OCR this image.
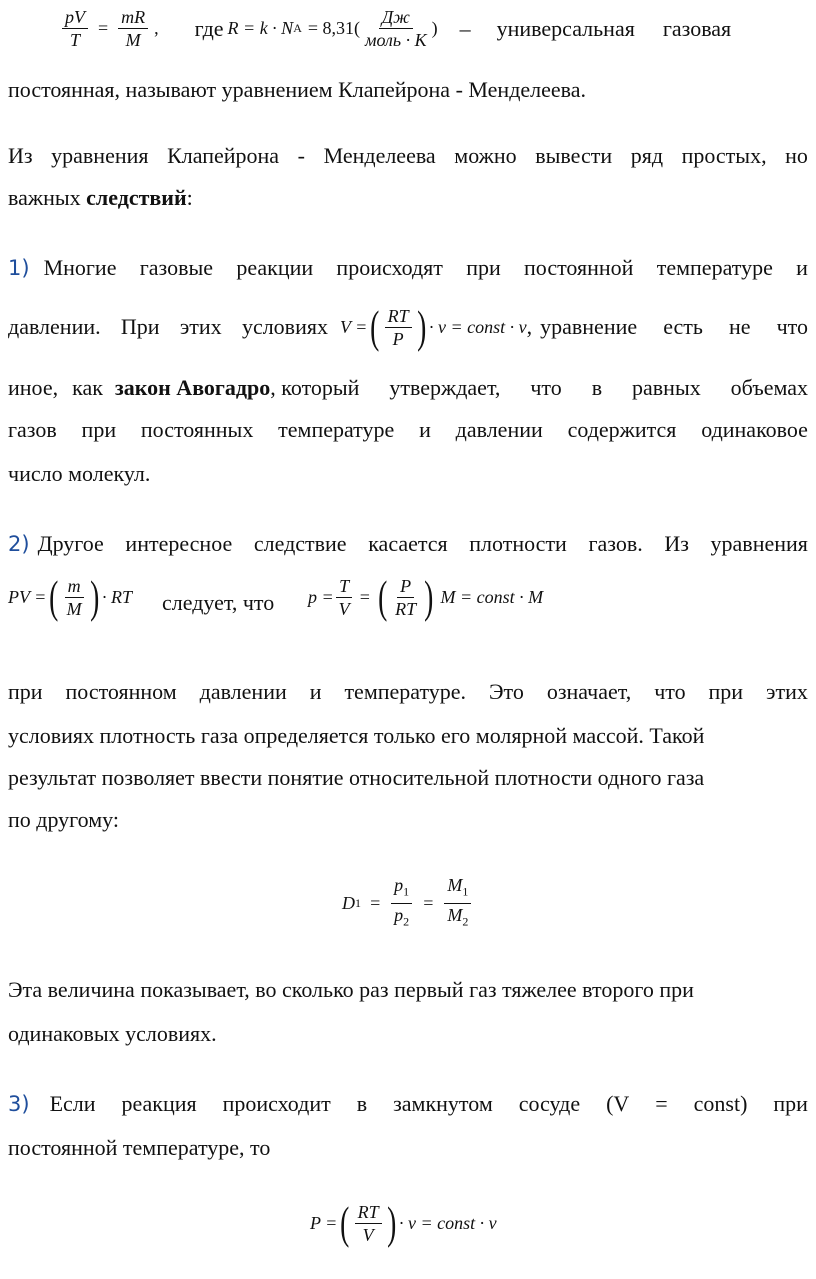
$\frac{pV}{T} = \frac{mR}{M}$ , где R = k · N $A = 8,31( \frac{Дж}{\text{моль · K}}$ ) – универсальная газовая
постоянная, называют уравнением Клапейрона - Менделеева.
Из уравнения Клапейрона - Менделеева можно вывести ряд простых, но
важных следствий:
1) Многие газовые реакции происходят при постоянной температуре и
давлении. При этих условиях V = ( $\frac{RT}{P}$ ) · v = const · v , уравнение есть не что
иное, как закон Авогадро , который утверждает, что в равных объемах
газов при постоянных температуре и давлении содержится одинаковое
число молекул.
2) Другое интересное следствие касается плотности газов. Из уравнения
PV = ( $\frac{m}{M}$ ) · RT следует, что $p = \frac{T}{V}$ = ( $\frac{P}{RT}$ ) M = const · M
при постоянном давлении и температуре. Это означает, что при этих
условиях плотность газа определяется только его молярной массой. Такой
результат позволяет ввести понятие относительной плотности одного газа
по другому:
D $1 = \frac{p_1}{p_2} = \frac{M_1}{M_2}$
Эта величина показывает, во сколько раз первый газ тяжелее второго при
одинаковых условиях.
3) Если реакция происходит в замкнутом сосуде (V = const) при
постоянной температуре, то
P = ( $\frac{RT}{V}$ ) · v = const · v
